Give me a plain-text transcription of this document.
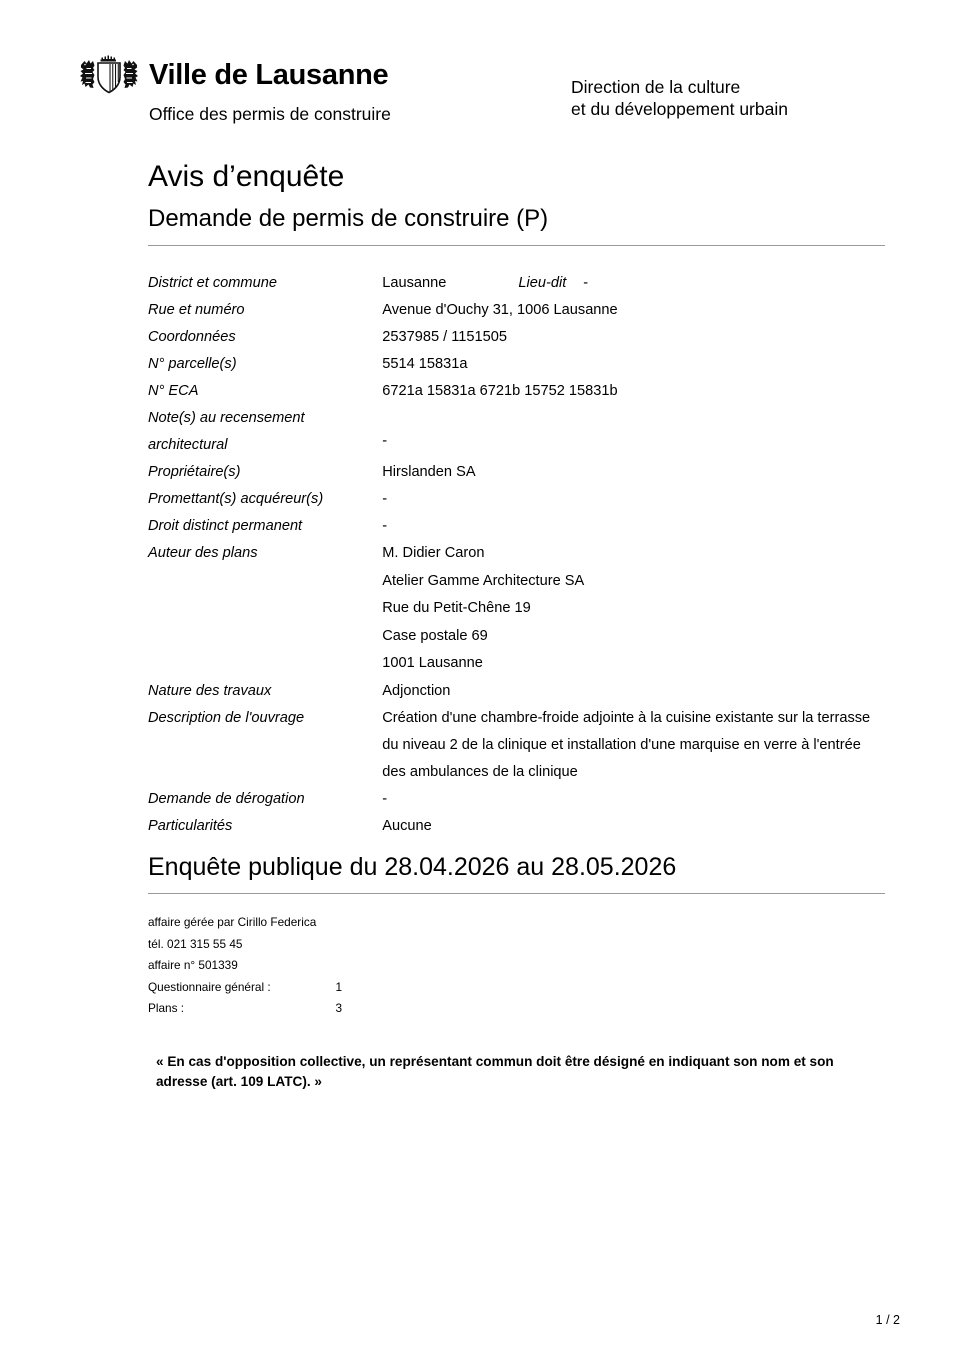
Ville de Lausanne
Office des permis de construire
Direction de la culture
et du développement urbain
Avis d’enquête
Demande de permis de construire (P)
District et commune	Lausanne Lieu-dit -
Rue et numéro	Avenue d'Ouchy 31, 1006 Lausanne
Coordonnées	2537985 / 1151505
N° parcelle(s)	5514 15831a
N° ECA	6721a 15831a 6721b 15752 15831b

Note(s) au recensement
architectural	-
Propriétaire(s)	Hirslanden SA
Promettant(s) acquéreur(s)	-
Droit distinct permanent	-
Auteur des plans	M. Didier Caron
Atelier Gamme Architecture SA
Rue du Petit-Chêne 19
Case postale 69
1001 Lausanne

Nature des travaux	Adjonction
Description de l'ouvrage	Création d'une chambre-froide adjointe à la cuisine existante sur la terrasse du niveau 2 de la clinique et installation d'une marquise en verre à l'entrée des ambulances de la clinique
Demande de dérogation	-
Particularités	Aucune
Enquête publique du 28.04.2026 au 28.05.2026
affaire gérée par Cirillo Federica
tél. 021 315 55 45
affaire n° 501339
Questionnaire général :	1
Plans :	3
« En cas d'opposition collective, un représentant commun doit être désigné en indiquant son nom et son adresse (art. 109 LATC). »
1 / 2
